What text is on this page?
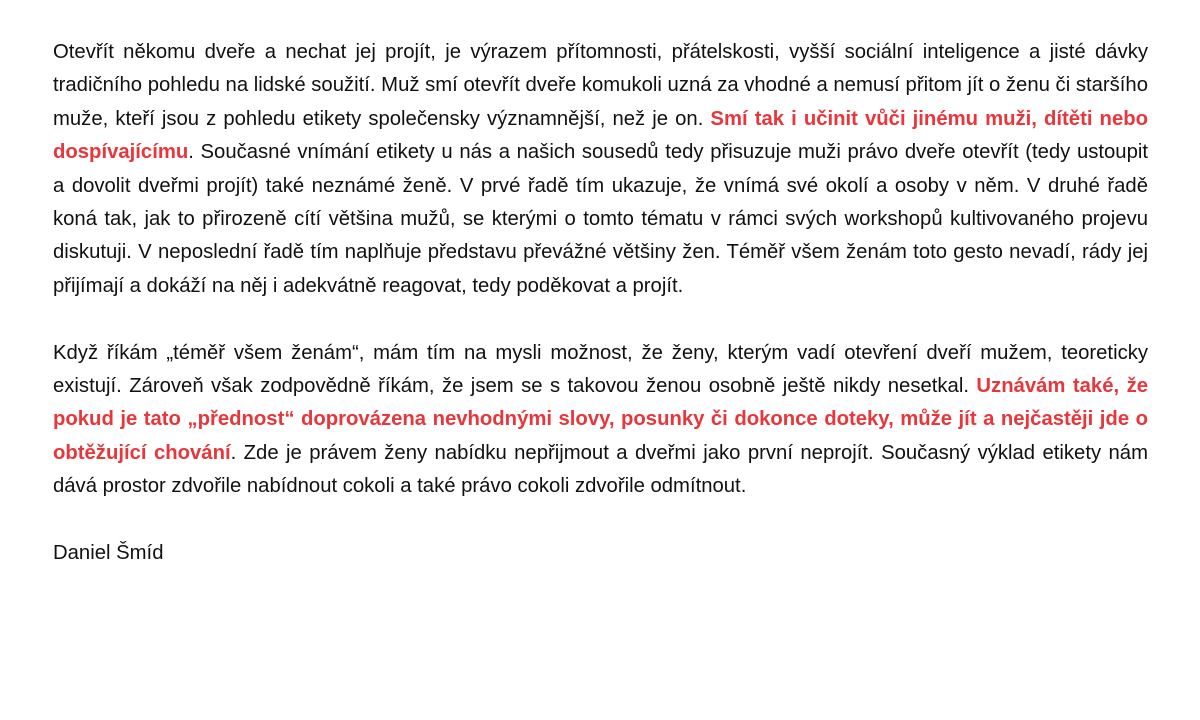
Otevřít někomu dveře a nechat jej projít, je výrazem přítomnosti, přátelskosti, vyšší sociální inteligence a jisté dávky tradičního pohledu na lidské soužití. Muž smí otevřít dveře komukoli uzná za vhodné a nemusí přitom jít o ženu či staršího muže, kteří jsou z pohledu etikety společensky významnější, než je on. Smí tak i učinit vůči jinému muži, dítěti nebo dospívajícímu. Současné vnímání etikety u nás a našich sousedů tedy přisuzuje muži právo dveře otevřít (tedy ustoupit a dovolit dveřmi projít) také neznámé ženě. V prvé řadě tím ukazuje, že vnímá své okolí a osoby v něm. V druhé řadě koná tak, jak to přirozeně cítí většina mužů, se kterými o tomto tématu v rámci svých workshopů kultivovaného projevu diskutuji. V neposlední řadě tím naplňuje představu převážné většiny žen. Téměř všem ženám toto gesto nevadí, rády jej přijímají a dokáží na něj i adekvátně reagovat, tedy poděkovat a projít.

Když říkám „téměř všem ženám“, mám tím na mysli možnost, že ženy, kterým vadí otevření dveří mužem, teoreticky existují. Zároveň však zodpovědně říkám, že jsem se s takovou ženou osobně ještě nikdy nesetkal. Uznávám také, že pokud je tato „přednost“ doprovázena nevhodnými slovy, posunky či dokonce doteky, může jít a nejčastěji jde o obtěžující chování. Zde je právem ženy nabídku nepřijmout a dveřmi jako první neprojít. Současný výklad etikety nám dává prostor zdvořile nabídnout cokoli a také právo cokoli zdvořile odmítnout.

Daniel Šmíd
